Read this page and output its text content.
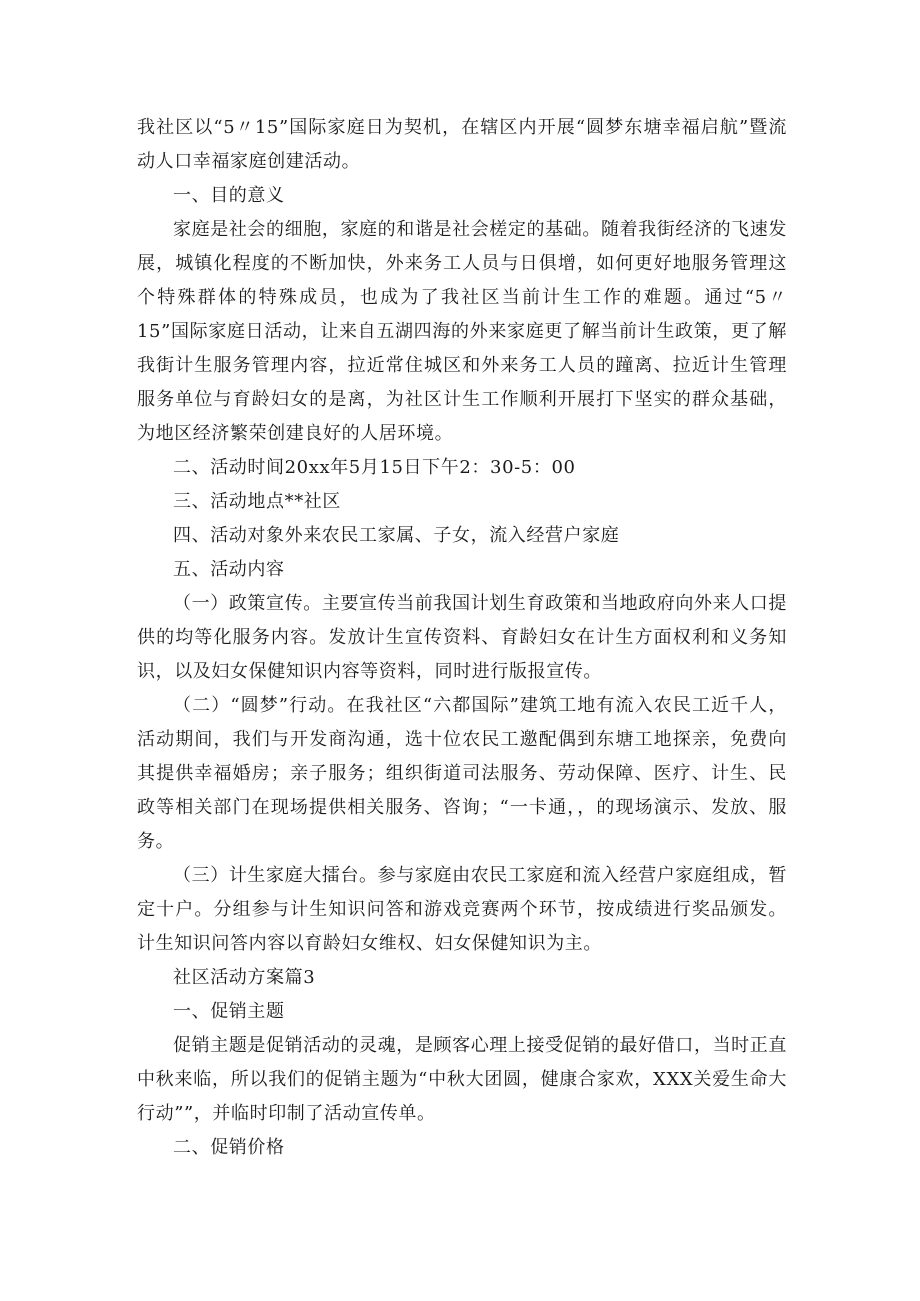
我社区以“5〃15”国际家庭日为契机，在辖区内开展“圆梦东塘幸福启航”暨流动人口幸福家庭创建活动。

一、目的意义

家庭是社会的细胞，家庭的和谐是社会槎定的基础。随着我街经济的飞速发展，城镇化程度的不断加快，外来务工人员与日俱增，如何更好地服务管理这个特殊群体的特殊成员，也成为了我社区当前计生工作的难题。通过“5〃15”国际家庭日活动，让来自五湖四海的外来家庭更了解当前计生政策，更了解我街计生服务管理内容，拉近常住城区和外来务工人员的蹱离、拉近计生管理服务单位与育龄妇女的是离，为社区计生工作顺利开展打下坚实的群众基础，为地区经济繁荣创建良好的人居环境。

二、活动时间20xx年5月15日下午2：30-5：00

三、活动地点**社区

四、活动对象外来农民工家属、子女，流入经营户家庭

五、活动内容

（一）政策宣传。主要宣传当前我国计划生育政策和当地政府向外来人口提供的均等化服务内容。发放计生宣传资料、育龄妇女在计生方面权利和义务知识，以及妇女保健知识内容等资料，同时进行版报宣传。

（二）“圆梦”行动。在我社区“六都国际”建筑工地有流入农民工近千人，活动期间，我们与开发商沟通，选十位农民工邀配偶到东塘工地探亲，免费向其提供幸福婚房；亲子服务；组织街道司法服务、劳动保障、医疗、计生、民政等相关部门在现场提供相关服务、咨询；“一卡通，，的现场演示、发放、服务。

（三）计生家庭大擂台。参与家庭由农民工家庭和流入经营户家庭组成，暂定十户。分组参与计生知识问答和游戏竞赛两个环节，按成绩进行奖品颁发。计生知识问答内容以育龄妇女维权、妇女保健知识为主。

社区活动方案篇3

一、促销主题

促销主题是促销活动的灵魂，是顾客心理上接受促销的最好借口，当时正直中秋来临，所以我们的促销主题为“中秋大团圆，健康合家欢，XXX关爱生命大行动””，并临时印制了活动宣传单。

二、促销价格
